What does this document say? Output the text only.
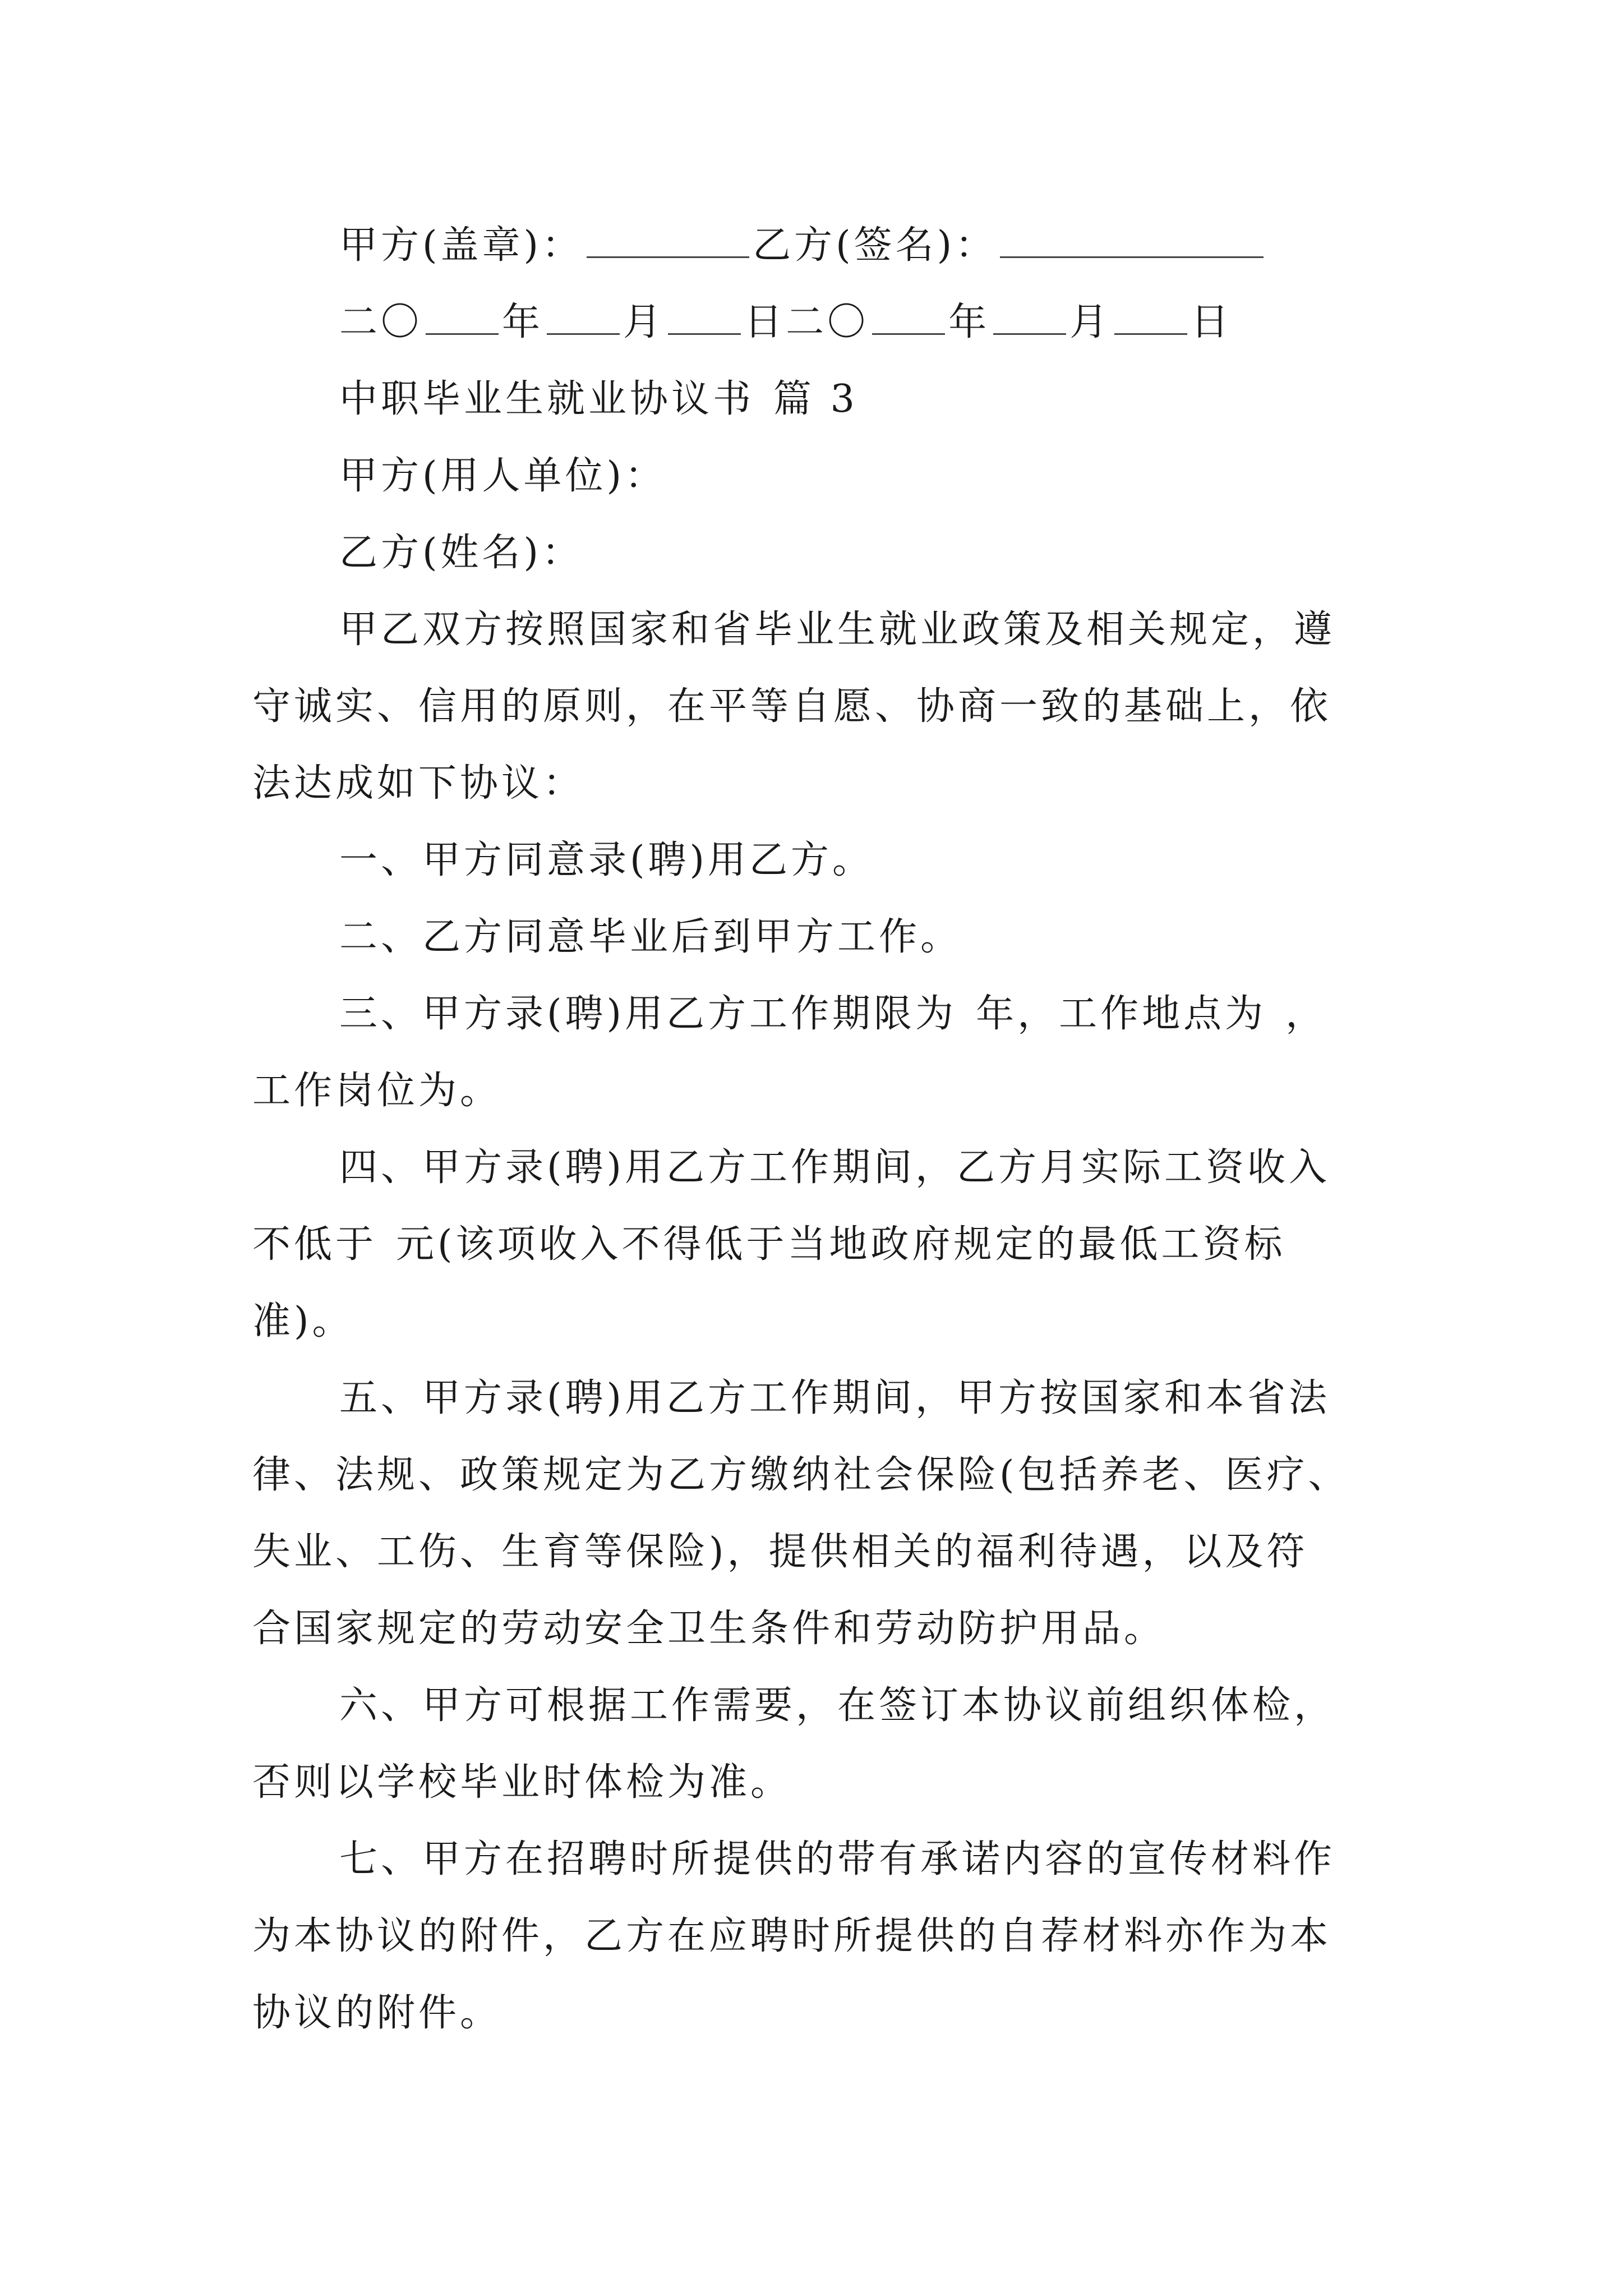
甲方(盖章)：	乙方(签名)：
二〇 年 月 日二〇 年 月 日
中职毕业生就业协议书 篇 3
甲方(用人单位)：
乙方(姓名)：
甲乙双方按照国家和省毕业生就业政策及相关规定，遵
守诚实、信用的原则，在平等自愿、协商一致的基础上，依
法达成如下协议：
一、甲方同意录(聘)用乙方。
二、乙方同意毕业后到甲方工作。
三、甲方录(聘)用乙方工作期限为 年，工作地点为 ，
工作岗位为。
四、甲方录(聘)用乙方工作期间，乙方月实际工资收入
不低于 元(该项收入不得低于当地政府规定的最低工资标
准)。
五、甲方录(聘)用乙方工作期间，甲方按国家和本省法
律、法规、政策规定为乙方缴纳社会保险(包括养老、医疗、
失业、工伤、生育等保险)，提供相关的福利待遇，以及符
合国家规定的劳动安全卫生条件和劳动防护用品。
六、甲方可根据工作需要，在签订本协议前组织体检，
否则以学校毕业时体检为准。
七、甲方在招聘时所提供的带有承诺内容的宣传材料作
为本协议的附件，乙方在应聘时所提供的自荐材料亦作为本
协议的附件。
